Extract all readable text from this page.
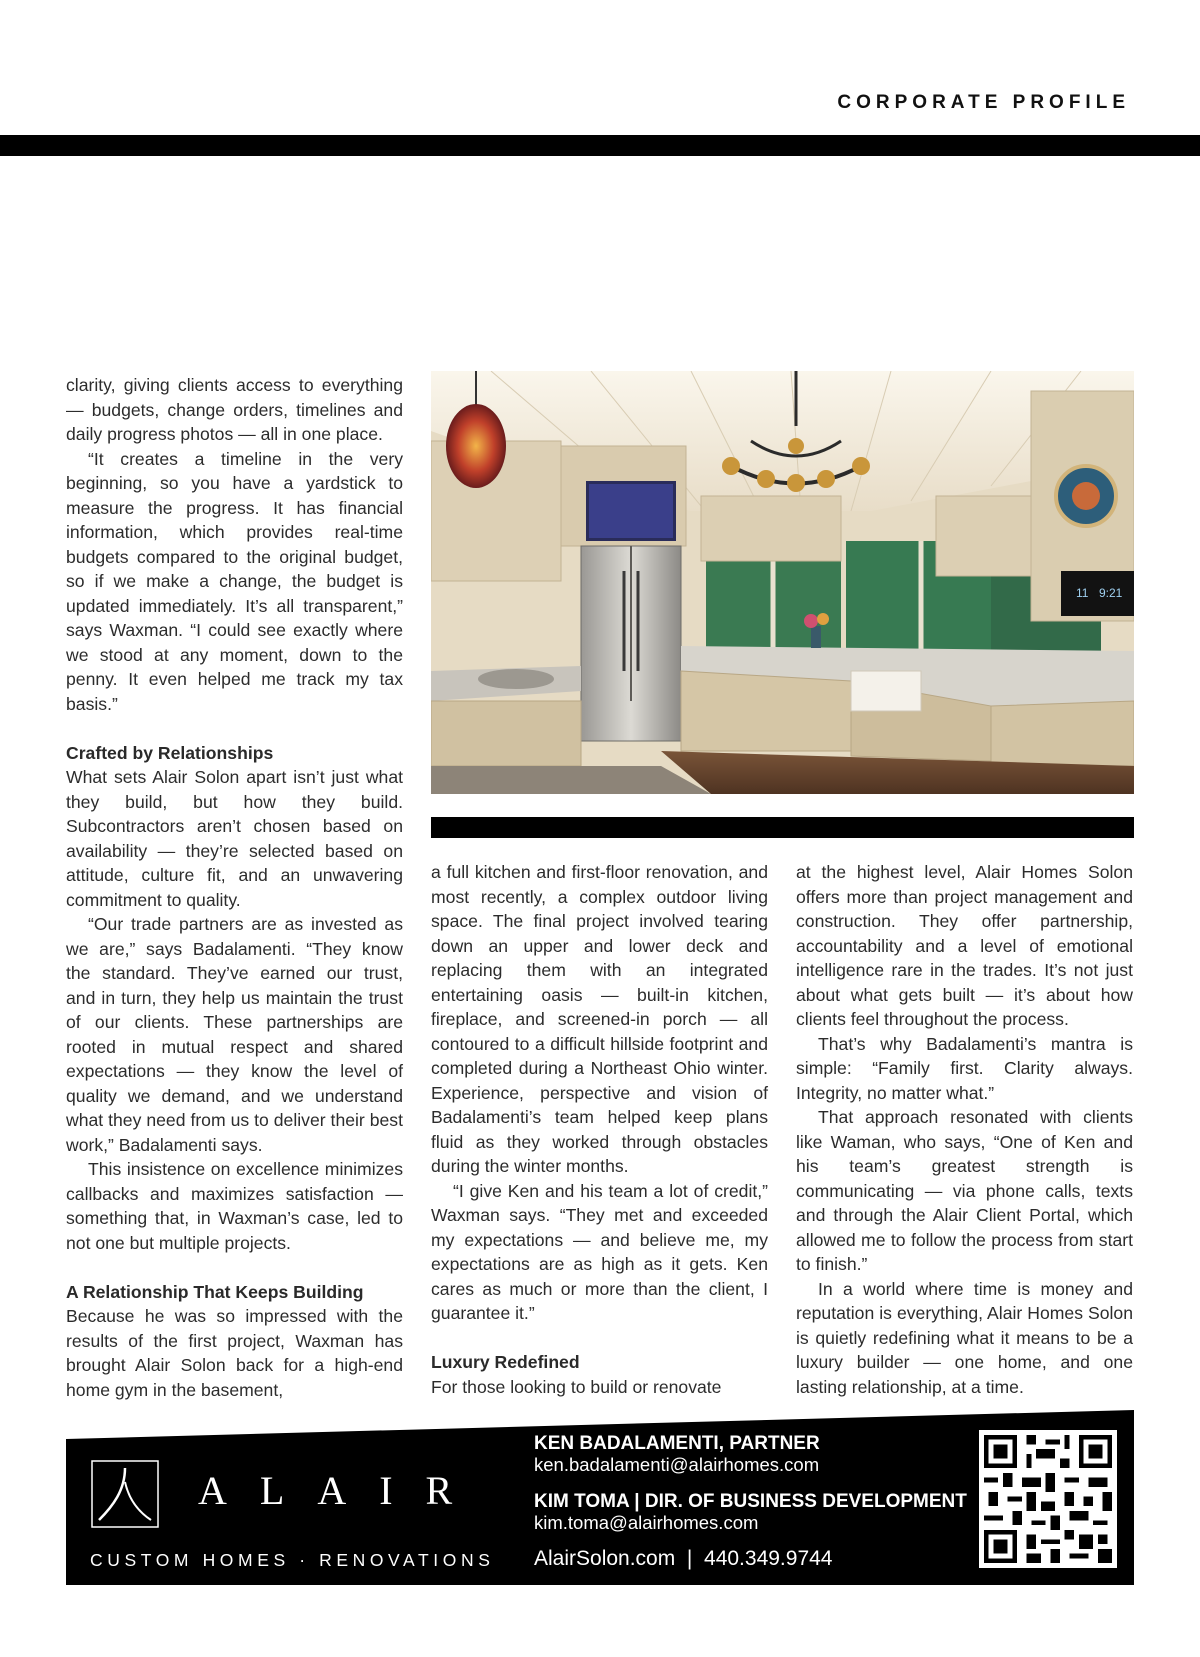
CORPORATE PROFILE

clarity, giving clients access to everything — budgets, change orders, timelines and daily progress photos — all in one place.

“It creates a timeline in the very beginning, so you have a yardstick to measure the progress. It has financial information, which provides real-time budgets compared to the original budget, so if we make a change, the budget is updated immediately. It’s all transparent,” says Waxman. “I could see exactly where we stood at any moment, down to the penny. It even helped me track my tax basis.”

Crafted by Relationships

What sets Alair Solon apart isn’t just what they build, but how they build. Subcontractors aren’t chosen based on availability — they’re selected based on attitude, culture fit, and an unwavering commitment to quality.

“Our trade partners are as invested as we are,” says Badalamenti. “They know the standard. They’ve earned our trust, and in turn, they help us maintain the trust of our clients. These partnerships are rooted in mutual respect and shared expectations — they know the level of quality we demand, and we understand what they need from us to deliver their best work,” Badalamenti says.

This insistence on excellence minimizes callbacks and maximizes satisfaction — something that, in Waxman’s case, led to not one but multiple projects.

A Relationship That Keeps Building

Because he was so impressed with the results of the first project, Waxman has brought Alair Solon back for a high-end home gym in the basement,

11 9:21

a full kitchen and first-floor renovation, and most recently, a complex outdoor living space. The final project involved tearing down an upper and lower deck and replacing them with an integrated entertaining oasis — built-in kitchen, fireplace, and screened-in porch — all contoured to a difficult hillside footprint and completed during a Northeast Ohio winter. Experience, perspective and vision of Badalamenti’s team helped keep plans fluid as they worked through obstacles during the winter months.

“I give Ken and his team a lot of credit,” Waxman says. “They met and exceeded my expectations — and believe me, my expectations are as high as it gets. Ken cares as much or more than the client, I guarantee it.”

Luxury Redefined

For those looking to build or renovate

at the highest level, Alair Homes Solon offers more than project management and construction. They offer partnership, accountability and a level of emotional intelligence rare in the trades. It’s not just about what gets built — it’s about how clients feel throughout the process.

That’s why Badalamenti’s mantra is simple: “Family first. Clarity always. Integrity, no matter what.”

That approach resonated with clients like Waman, who says, “One of Ken and his team’s greatest strength is communicating — via phone calls, texts and through the Alair Client Portal, which allowed me to follow the process from start to finish.”

In a world where time is money and reputation is everything, Alair Homes Solon is quietly redefining what it means to be a luxury builder — one home, and one lasting relationship, at a time.

ALAIR
CUSTOM HOMES · RENOVATIONS
KEN BADALAMENTI, PARTNER
ken.badalamenti@alairhomes.com
KIM TOMA | DIR. OF BUSINESS DEVELOPMENT
kim.toma@alairhomes.com
AlairSolon.com  |  440.349.9744
